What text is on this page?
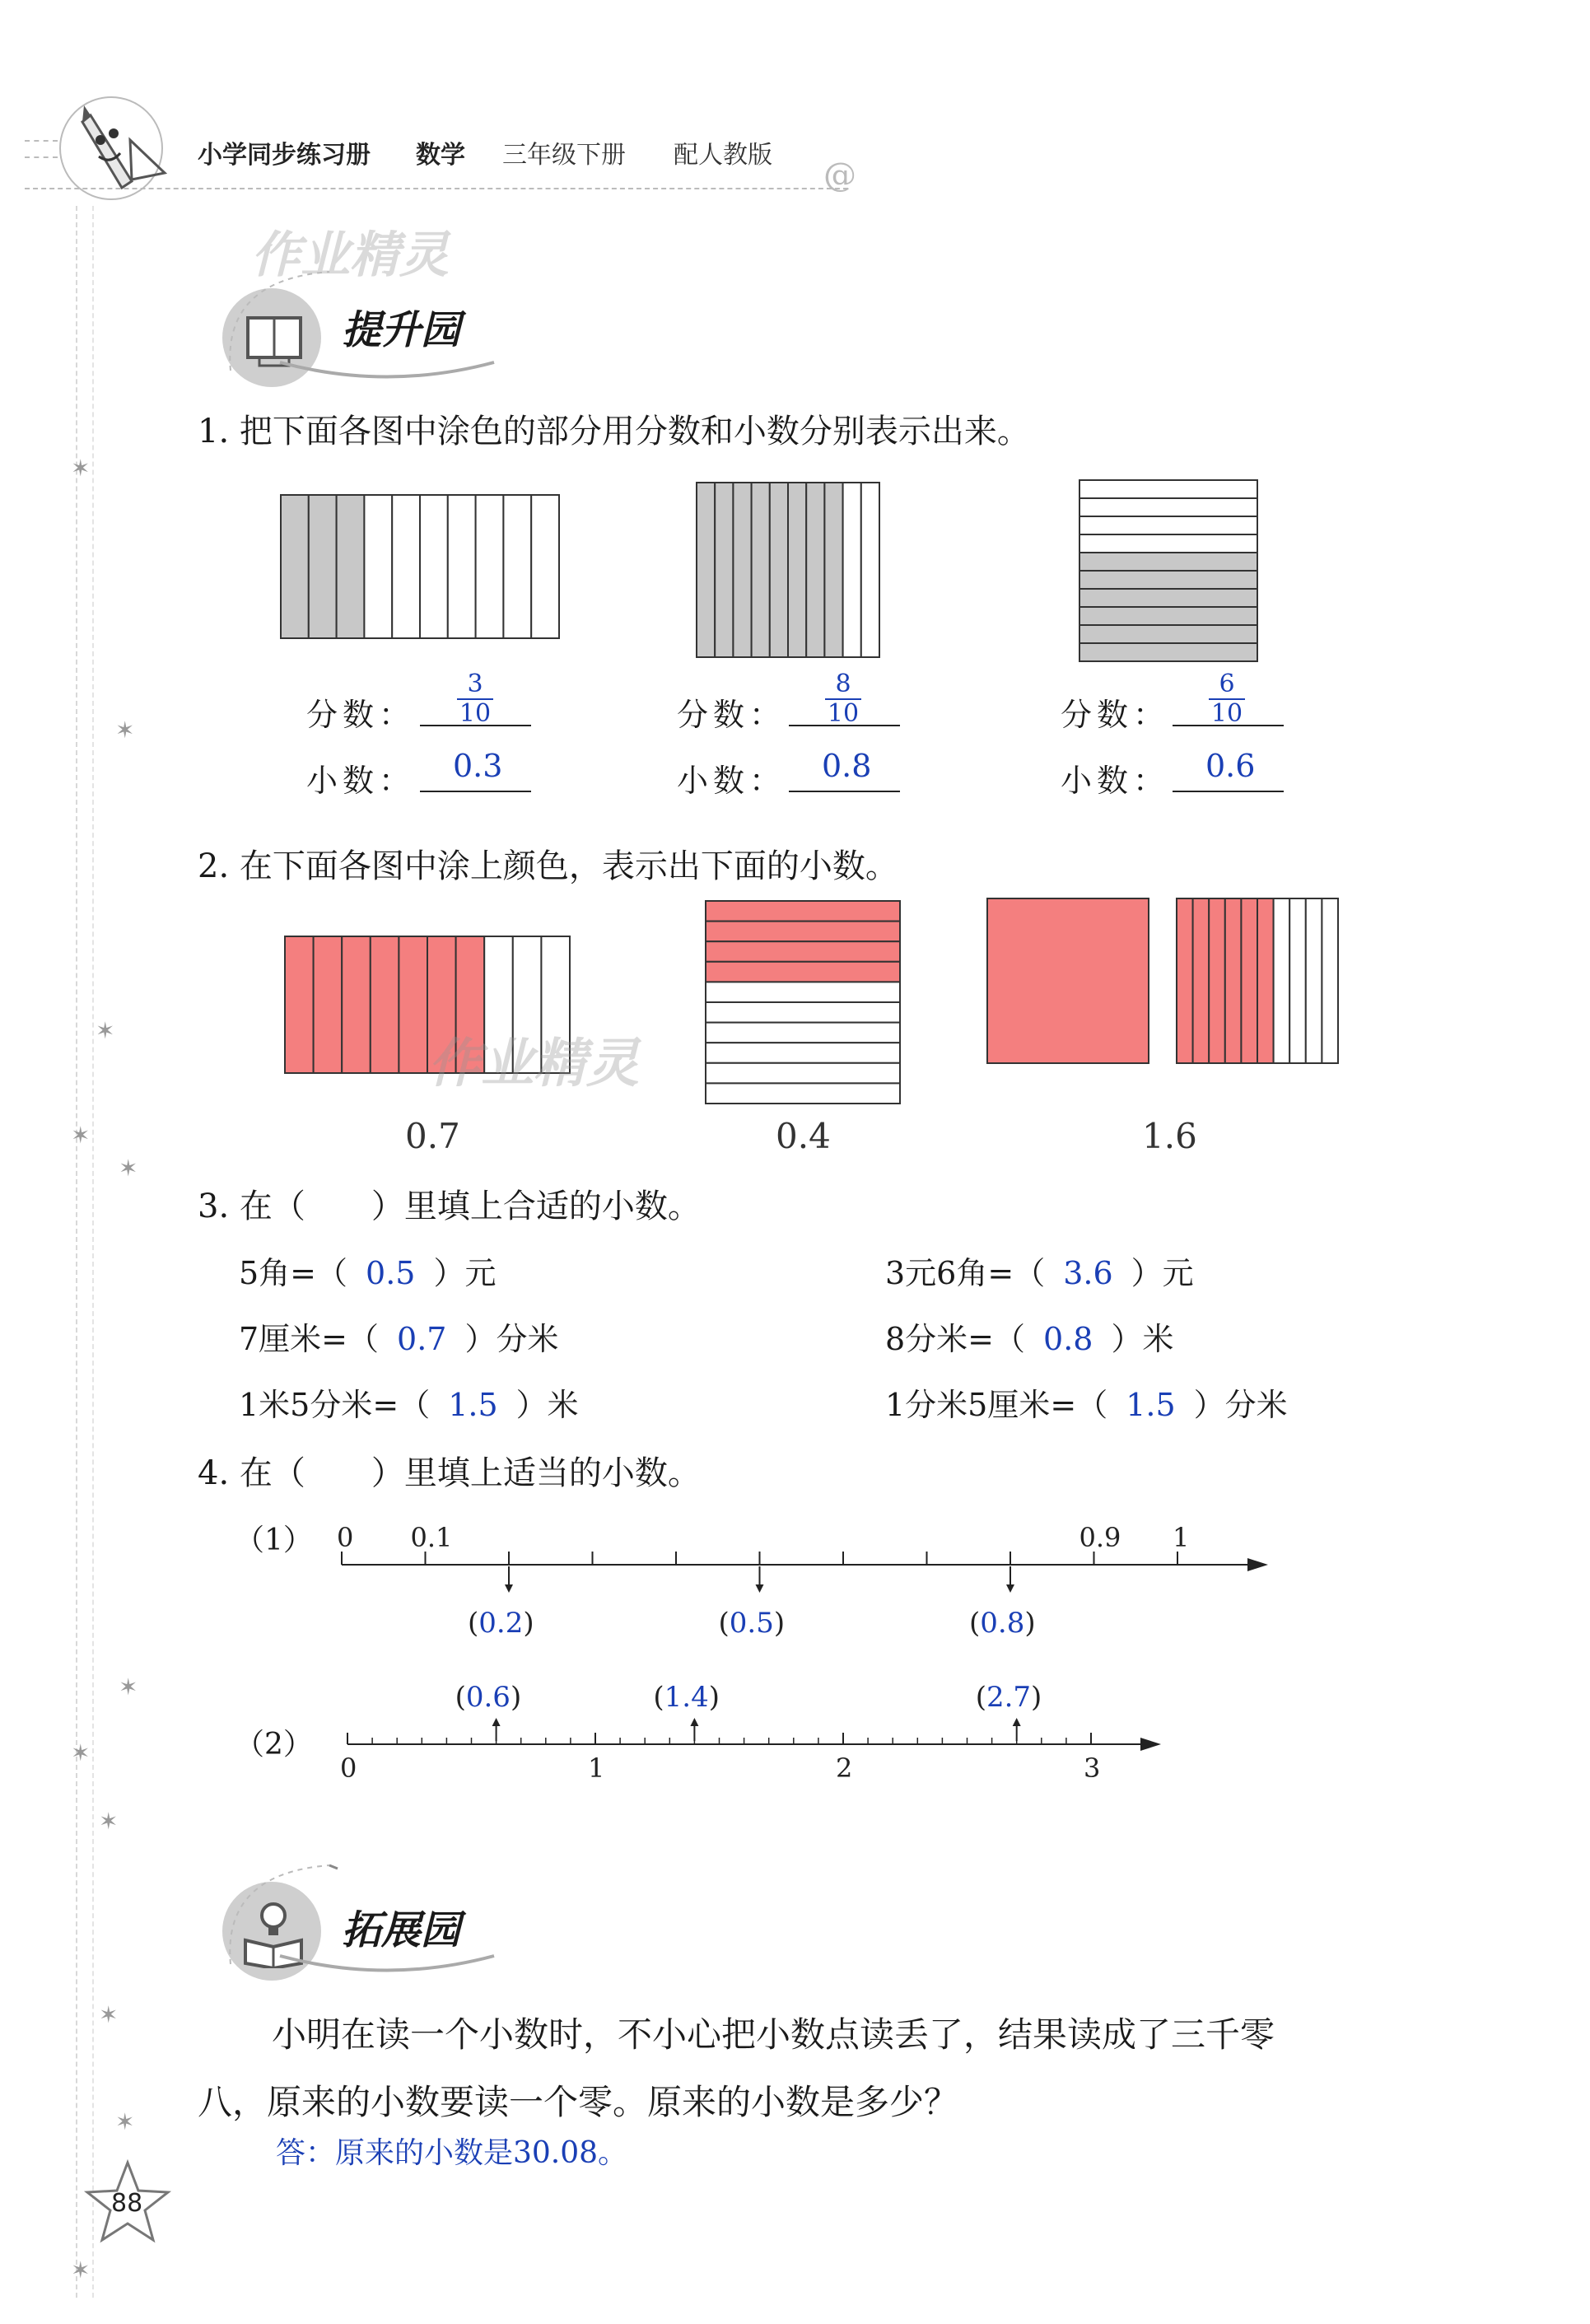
✶
✶
✶
✶
✶
✶
✶
✶
✶
✶
✶
小学同步练习册 数学 三年级下册 配人教版
@
作业精灵
提升园
1. 把下面各图中涂色的部分用分数和小数分别表示出来。
分数：
3
10
小数： 0.3
分数：
8
10
小数： 0.8
分数：
6
10
小数： 0.6
2. 在下面各图中涂上颜色，表示出下面的小数。
作业精灵
0.7	0.4	1.6
3. 在（　　）里填上合适的小数。
5角=（ 0.5 ）元	3元6角=（ 3.6 ）元
7厘米=（ 0.7 ）分米	8分米=（ 0.8 ）米
1米5分米=（ 1.5 ）米	1分米5厘米=（ 1.5 ）分米
4. 在（　　）里填上适当的小数。
（1） 0 0.1	0.9 1
(0.2)	(0.5)	(0.8)
（2）
0	1	2	3
(0.6)	(1.4)	(2.7)
拓展园
小明在读一个小数时，不小心把小数点读丢了，结果读成了三千零
八，原来的小数要读一个零。原来的小数是多少？
答：原来的小数是30.08。
88
